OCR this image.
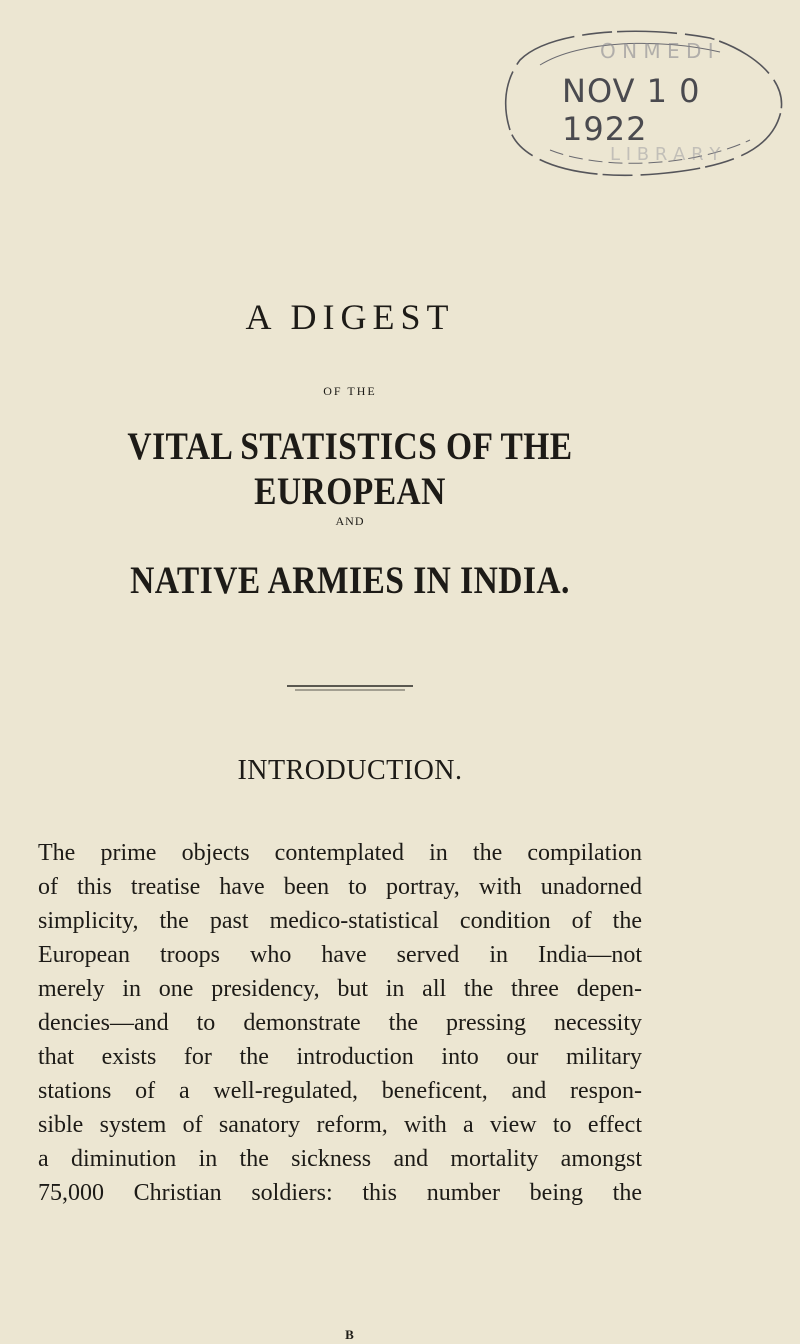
O N M E D I
L I B R A R Y
NOV 1 0 1922
A DIGEST
OF THE
VITAL STATISTICS OF THE EUROPEAN
AND
NATIVE ARMIES IN INDIA.
INTRODUCTION.
The prime objects contemplated in the compilation
of this treatise have been to portray, with unadorned
simplicity, the past medico-statistical condition of the
European troops who have served in India—not
merely in one presidency, but in all the three depen-
dencies—and to demonstrate the pressing necessity
that exists for the introduction into our military
stations of a well-regulated, beneficent, and respon-
sible system of sanatory reform, with a view to effect
a diminution in the sickness and mortality amongst
75,000 Christian soldiers: this number being the
B
